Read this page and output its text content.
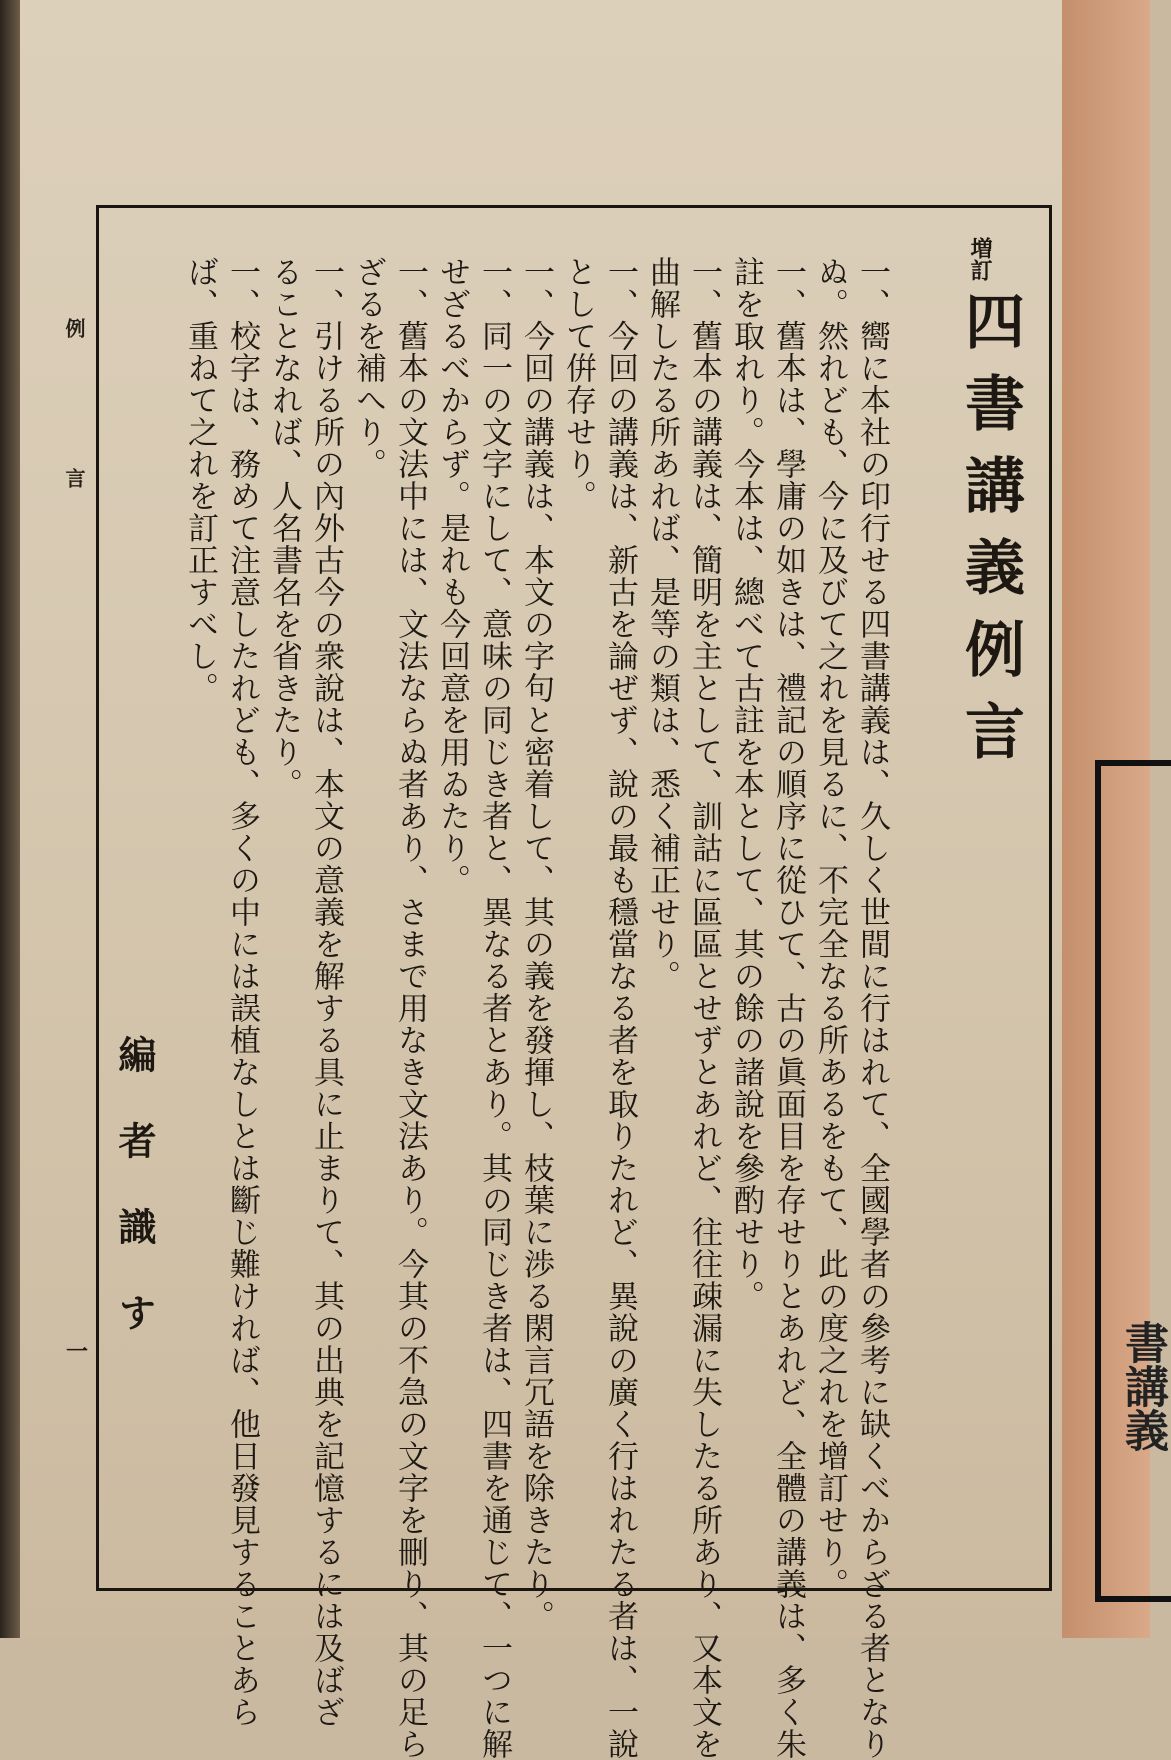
書講義
例言
一
増訂
四書講義例言
一、嚮に本社の印行せる四書講義は、久しく世間に行はれて、全國學者の參考に缺くべからざる者となり
ぬ。然れども、今に及びて之れを見るに、不完全なる所あるをもて、此の度之れを增訂せり。
一、舊本は、學庸の如きは、禮記の順序に從ひて、古の眞面目を存せりとあれど、全體の講義は、多く朱
註を取れり。今本は、總べて古註を本として、其の餘の諸說を參酌せり。
一、舊本の講義は、簡明を主として、訓詁に區區とせずとあれど、往往疎漏に失したる所あり、又本文を
曲解したる所あれば、是等の類は、悉く補正せり。
一、今回の講義は、新古を論ぜず、說の最も穩當なる者を取りたれど、異說の廣く行はれたる者は、一說
として倂存せり。
一、今回の講義は、本文の字句と密着して、其の義を發揮し、枝葉に渉る閑言冗語を除きたり。
一、同一の文字にして、意味の同じき者と、異なる者とあり。其の同じき者は、四書を通じて、一つに解
せざるべからず。是れも今回意を用ゐたり。
一、舊本の文法中には、文法ならぬ者あり、さまで用なき文法あり。今其の不急の文字を刪り、其の足ら
ざるを補へり。
一、引ける所の內外古今の衆說は、本文の意義を解する具に止まりて、其の出典を記憶するには及ばざ
ることなれば、人名書名を省きたり。
一、校字は、務めて注意したれども、多くの中には誤植なしとは斷じ難ければ、他日發見することあら
ば、重ねて之れを訂正すべし。
編者識す
